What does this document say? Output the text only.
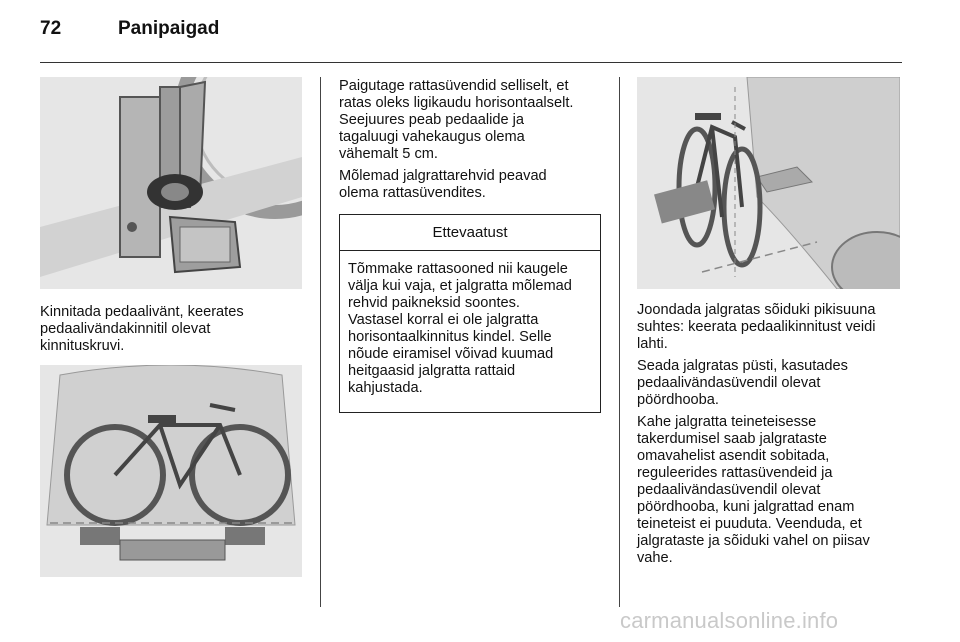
72	Panipaigad
Kinnitada pedaalivänt, keerates
pedaalivändakinnitil olevat
kinnituskruvi.

Paigutage rattasüvendid selliselt, et
ratas oleks ligikaudu horisontaalselt.
Seejuures peab pedaalide ja
tagaluugi vahekaugus olema
vähemalt 5 cm.

Mõlemad jalgrattarehvid peavad
olema rattasüvendites.

Ettevaatust
Tõmmake rattasooned nii kaugele
välja kui vaja, et jalgratta mõlemad
rehvid paikneksid soontes.
Vastasel korral ei ole jalgratta
horisontaalkinnitus kindel. Selle
nõude eiramisel võivad kuumad
heitgaasid jalgratta rattaid
kahjustada.

Joondada jalgratas sõiduki pikisuuna
suhtes: keerata pedaalikinnitust veidi
lahti.

Seada jalgratas püsti, kasutades
pedaalivändasüvendil olevat
pöördhooba.

Kahe jalgratta teineteisesse
takerdumisel saab jalgrataste
omavahelist asendit sobitada,
reguleerides rattasüvendeid ja
pedaalivändasüvendil olevat
pöördhooba, kuni jalgrattad enam
teineteist ei puuduta. Veenduda, et
jalgrataste ja sõiduki vahel on piisav
vahe.

carmanualsonline.info
